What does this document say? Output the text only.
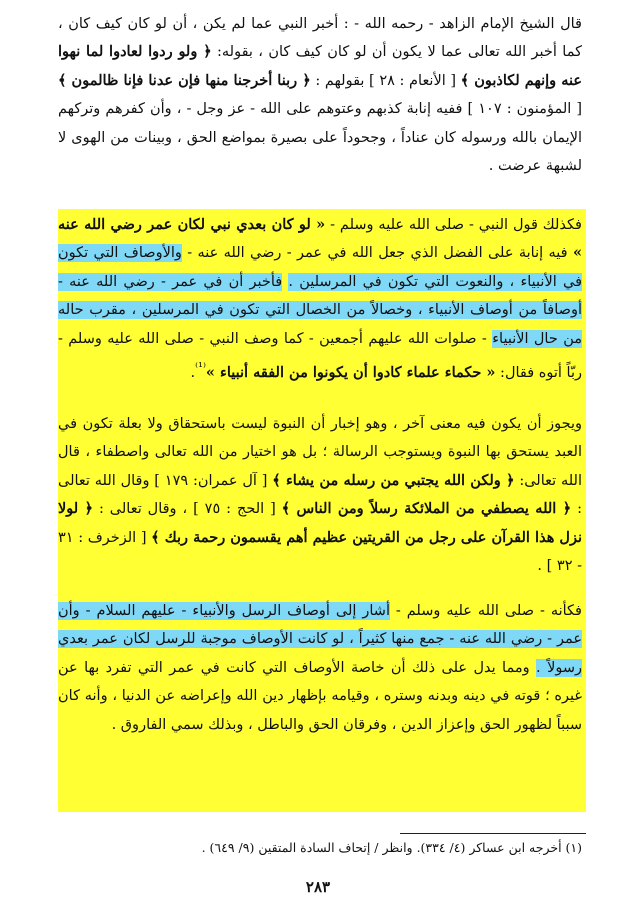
قال الشيخ الإمام الزاهد - رحمه الله - : أخبر النبي عما لم يكن ، أن لو كان كيف كان ، كما أخبر الله تعالى عما لا يكون أن لو كان كيف كان ، بقوله: ﴿ ولو ردوا لعادوا لما نهوا عنه وإنهم لكاذبون ﴾ [ الأنعام : ٢٨ ] بقولهم : ﴿ ربنا أخرجنا منها فإن عدنا فإنا ظالمون ﴾ [ المؤمنون : ١٠٧ ] ففيه إنابة كذبهم وعتوهم على الله - عز وجل - ، وأن كفرهم وتركهم الإيمان بالله ورسوله كان عناداً ، وجحوداً على بصيرة بمواضع الحق ، وبينات من الهوى لا لشبهة عرضت .

فكذلك قول النبي - صلى الله عليه وسلم - « لو كان بعدي نبي لكان عمر رضي الله عنه » فيه إنابة على الفضل الذي جعل الله في عمر - رضي الله عنه - والأوصاف التي تكون في الأنبياء ، والنعوت التي تكون في المرسلين . فأخبر أن في عمر - رضي الله عنه - أوصافاً من أوصاف الأنبياء ، وخصالاً من الخصال التي تكون في المرسلين ، مقرب حاله من حال الأنبياء - صلوات الله عليهم أجمعين - كما وصف النبي - صلى الله عليه وسلم - ربّاً أتوه فقال: « حكماء علماء كادوا أن يكونوا من الفقه أنبياء »$^{^{(1)}}$.

ويجوز أن يكون فيه معنى آخر ، وهو إخبار أن النبوة ليست باستحقاق ولا بعلة تكون في العبد يستحق بها النبوة ويستوجب الرسالة ؛ بل هو اختيار من الله تعالى واصطفاء ، قال الله تعالى: ﴿ ولكن الله يجتبي من رسله من يشاء ﴾ [ آل عمران: ١٧٩ ] وقال الله تعالى : ﴿ الله يصطفي من الملائكة رسلاً ومن الناس ﴾ [ الحج : ٧٥ ] ، وقال تعالى : ﴿ لولا نزل هذا القرآن على رجل من القريتين عظيم أهم يقسمون رحمة ربك ﴾ [ الزخرف : ٣١ - ٣٢ ] .

فكأنه - صلى الله عليه وسلم - أشار إلى أوصاف الرسل والأنبياء - عليهم السلام - وأن عمر - رضي الله عنه - جمع منها كثيراً ، لو كانت الأوصاف موجبة للرسل لكان عمر بعدي رسولاً . ومما يدل على ذلك أن خاصة الأوصاف التي كانت في عمر التي تفرد بها عن غيره ؛ قوته في دينه وبدنه وستره ، وقيامه بإظهار دين الله وإعراضه عن الدنيا ، وأنه كان سبباً لظهور الحق وإعزاز الدين ، وفرقان الحق والباطل ، وبذلك سمي الفاروق .

(١) أخرجه ابن عساكر (٤/ ٣٣٤). وانظر / إتحاف السادة المتقين (٩/ ٦٤٩) .

٢٨٣
